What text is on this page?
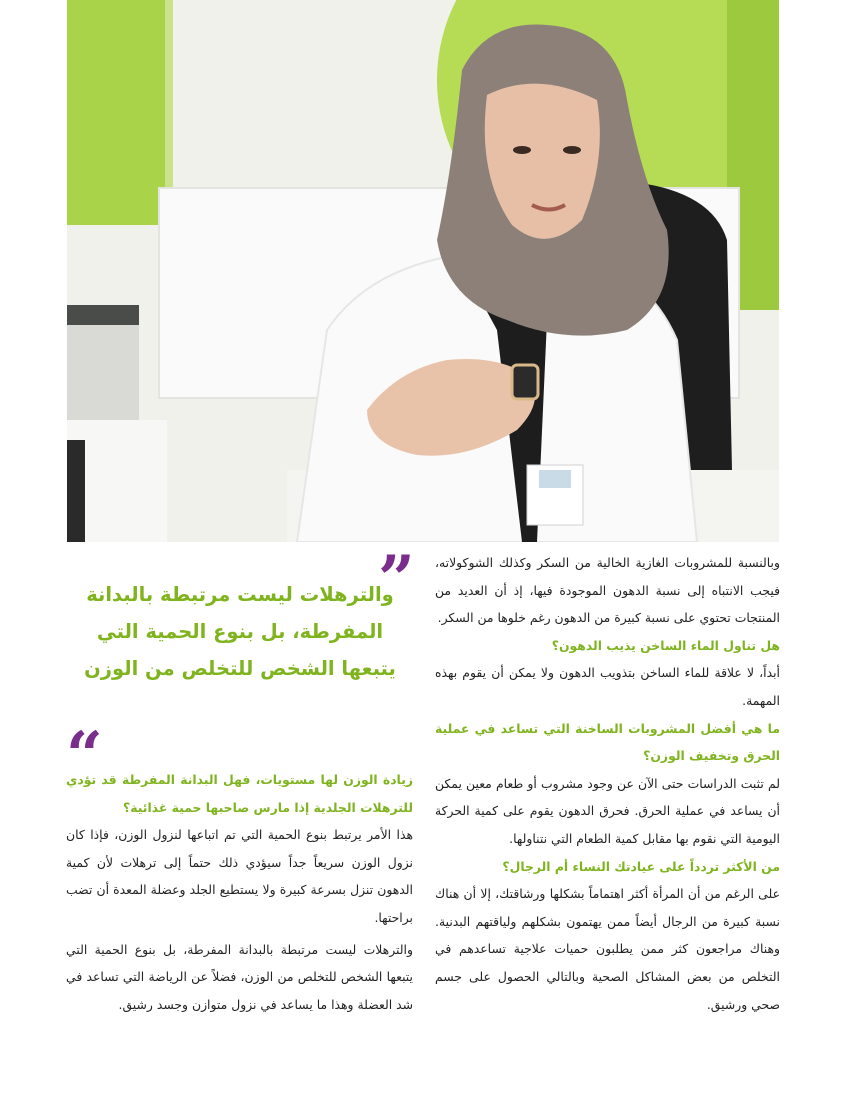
وبالنسبة للمشروبات الغازية الخالية من السكر وكذلك الشوكولاته، فيجب الانتباه إلى نسبة الدهون الموجودة فيها، إذ أن العديد من المنتجات تحتوي على نسبة كبيرة من الدهون رغم خلوها من السكر.

هل تناول الماء الساخن يذيب الدهون؟

أبداً، لا علاقة للماء الساخن بتذويب الدهون ولا يمكن أن يقوم بهذه المهمة.

ما هي أفضل المشروبات الساخنة التي تساعد في عملية الحرق وتخفيف الوزن؟

لم تثبت الدراسات حتى الآن عن وجود مشروب أو طعام معين يمكن أن يساعد في عملية الحرق. فحرق الدهون يقوم على كمية الحركة اليومية التي نقوم بها مقابل كمية الطعام التي نتناولها.

من الأكثر تردداً على عيادتك النساء أم الرجال؟

على الرغم من أن المرأة أكثر اهتماماً بشكلها ورشاقتك، إلا أن هناك نسبة كبيرة من الرجال أيضاً ممن يهتمون بشكلهم ولياقتهم البدنية. وهناك مراجعون كثر ممن يطلبون حميات علاجية تساعدهم في التخلص من بعض المشاكل الصحية وبالتالي الحصول على جسم صحي ورشيق.

”
والترهلات ليست مرتبطة بالبدانة المفرطة، بل بنوع الحمية التي يتبعها الشخص للتخلص من الوزن
“

زيادة الوزن لها مستويات، فهل البدانة المفرطة قد تؤدي للترهلات الجلدية إذا مارس صاحبها حمية غذائية؟

هذا الأمر يرتبط بنوع الحمية التي تم اتباعها لنزول الوزن، فإذا كان نزول الوزن سريعاً جداً سيؤدي ذلك حتماً إلى ترهلات لأن كمية الدهون تنزل بسرعة كبيرة ولا يستطيع الجلد وعضلة المعدة أن تضب براحتها.

والترهلات ليست مرتبطة بالبدانة المفرطة، بل بنوع الحمية التي يتبعها الشخص للتخلص من الوزن، فضلاً عن الرياضة التي تساعد في شد العضلة وهذا ما يساعد في نزول متوازن وجسد رشيق.
